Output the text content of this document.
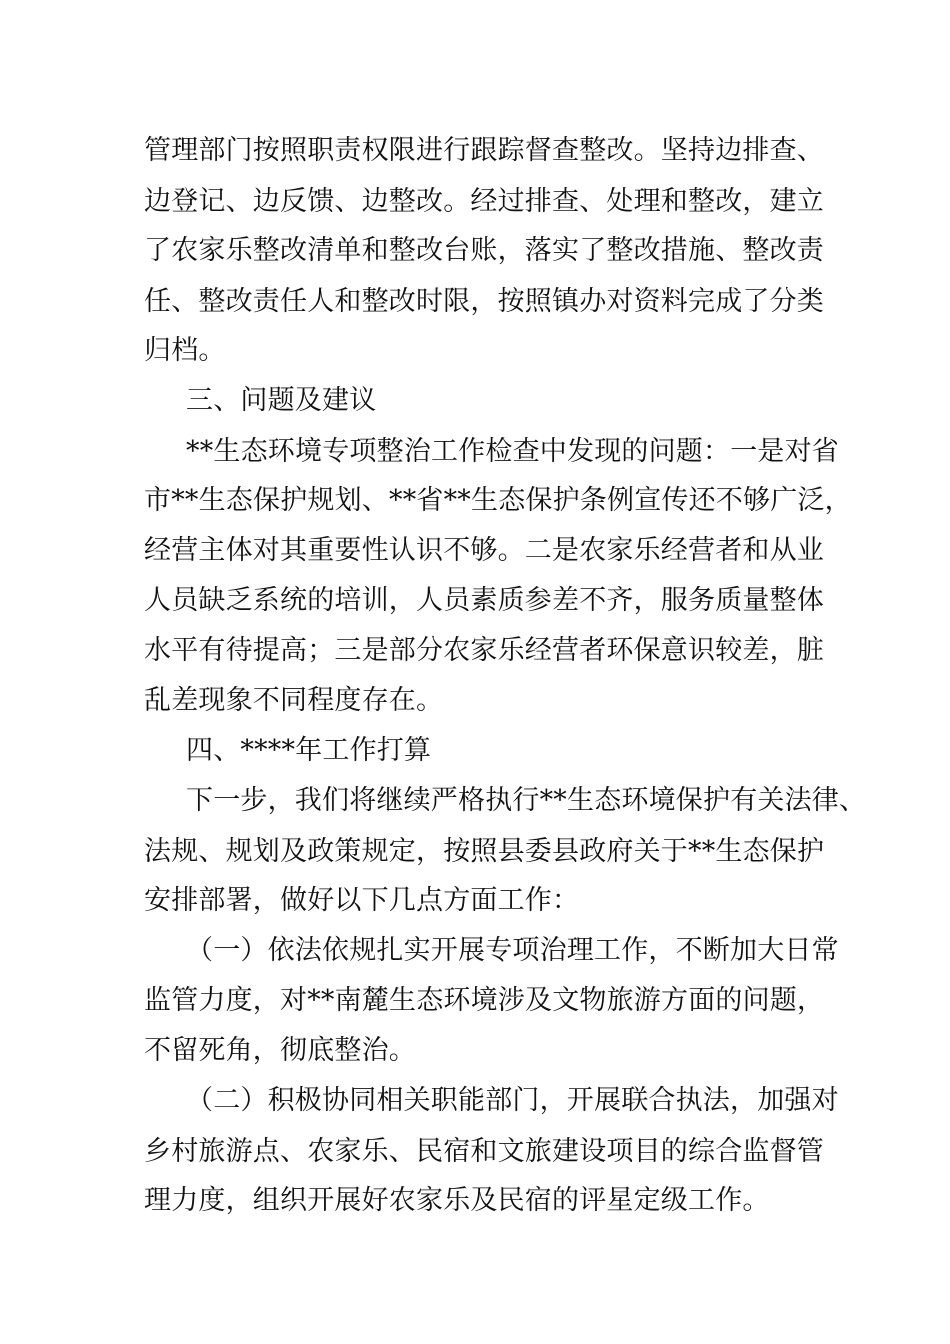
管理部门按照职责权限进行跟踪督查整改。坚持边排查、
边登记、边反馈、边整改。经过排查、处理和整改，建立
了农家乐整改清单和整改台账，落实了整改措施、整改责
任、整改责任人和整改时限，按照镇办对资料完成了分类
归档。
三、问题及建议
**生态环境专项整治工作检查中发现的问题：一是对省
市**生态保护规划、**省**生态保护条例宣传还不够广泛，
经营主体对其重要性认识不够。二是农家乐经营者和从业
人员缺乏系统的培训，人员素质参差不齐，服务质量整体
水平有待提高；三是部分农家乐经营者环保意识较差，脏
乱差现象不同程度存在。
四、****年工作打算
下一步，我们将继续严格执行**生态环境保护有关法律、
法规、规划及政策规定，按照县委县政府关于**生态保护
安排部署，做好以下几点方面工作：
（一）依法依规扎实开展专项治理工作，不断加大日常
监管力度，对**南麓生态环境涉及文物旅游方面的问题，
不留死角，彻底整治。
（二）积极协同相关职能部门，开展联合执法，加强对
乡村旅游点、农家乐、民宿和文旅建设项目的综合监督管
理力度，组织开展好农家乐及民宿的评星定级工作。
